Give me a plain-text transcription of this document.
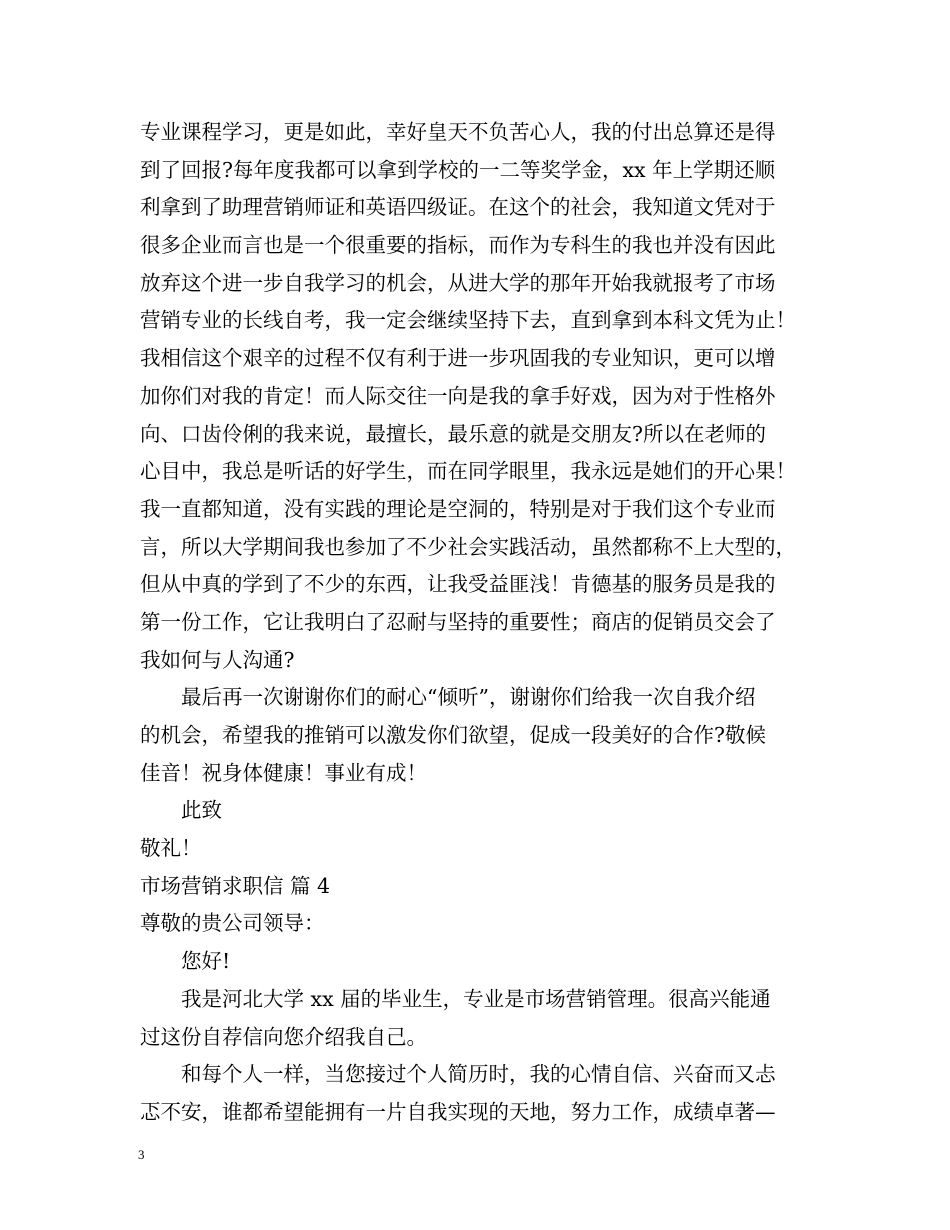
专业课程学习，更是如此，幸好皇天不负苦心人，我的付出总算还是得
到了回报?每年度我都可以拿到学校的一二等奖学金，xx 年上学期还顺
利拿到了助理营销师证和英语四级证。在这个的社会，我知道文凭对于
很多企业而言也是一个很重要的指标，而作为专科生的我也并没有因此
放弃这个进一步自我学习的机会，从进大学的那年开始我就报考了市场
营销专业的长线自考，我一定会继续坚持下去，直到拿到本科文凭为止！
我相信这个艰辛的过程不仅有利于进一步巩固我的专业知识，更可以增
加你们对我的肯定！而人际交往一向是我的拿手好戏，因为对于性格外
向、口齿伶俐的我来说，最擅长，最乐意的就是交朋友?所以在老师的
心目中，我总是听话的好学生，而在同学眼里，我永远是她们的开心果！
我一直都知道，没有实践的理论是空洞的，特别是对于我们这个专业而
言，所以大学期间我也参加了不少社会实践活动，虽然都称不上大型的，
但从中真的学到了不少的东西，让我受益匪浅！肯德基的服务员是我的
第一份工作，它让我明白了忍耐与坚持的重要性；商店的促销员交会了
我如何与人沟通?
最后再一次谢谢你们的耐心“倾听”，谢谢你们给我一次自我介绍
的机会，希望我的推销可以激发你们欲望，促成一段美好的合作?敬候
佳音！祝身体健康！事业有成！
此致
敬礼！
市场营销求职信 篇 4
尊敬的贵公司领导：
您好!
我是河北大学 xx 届的毕业生，专业是市场营销管理。很高兴能通
过这份自荐信向您介绍我自己。
和每个人一样，当您接过个人简历时，我的心情自信、兴奋而又忐
忑不安，谁都希望能拥有一片自我实现的天地，努力工作，成绩卓著—
3
